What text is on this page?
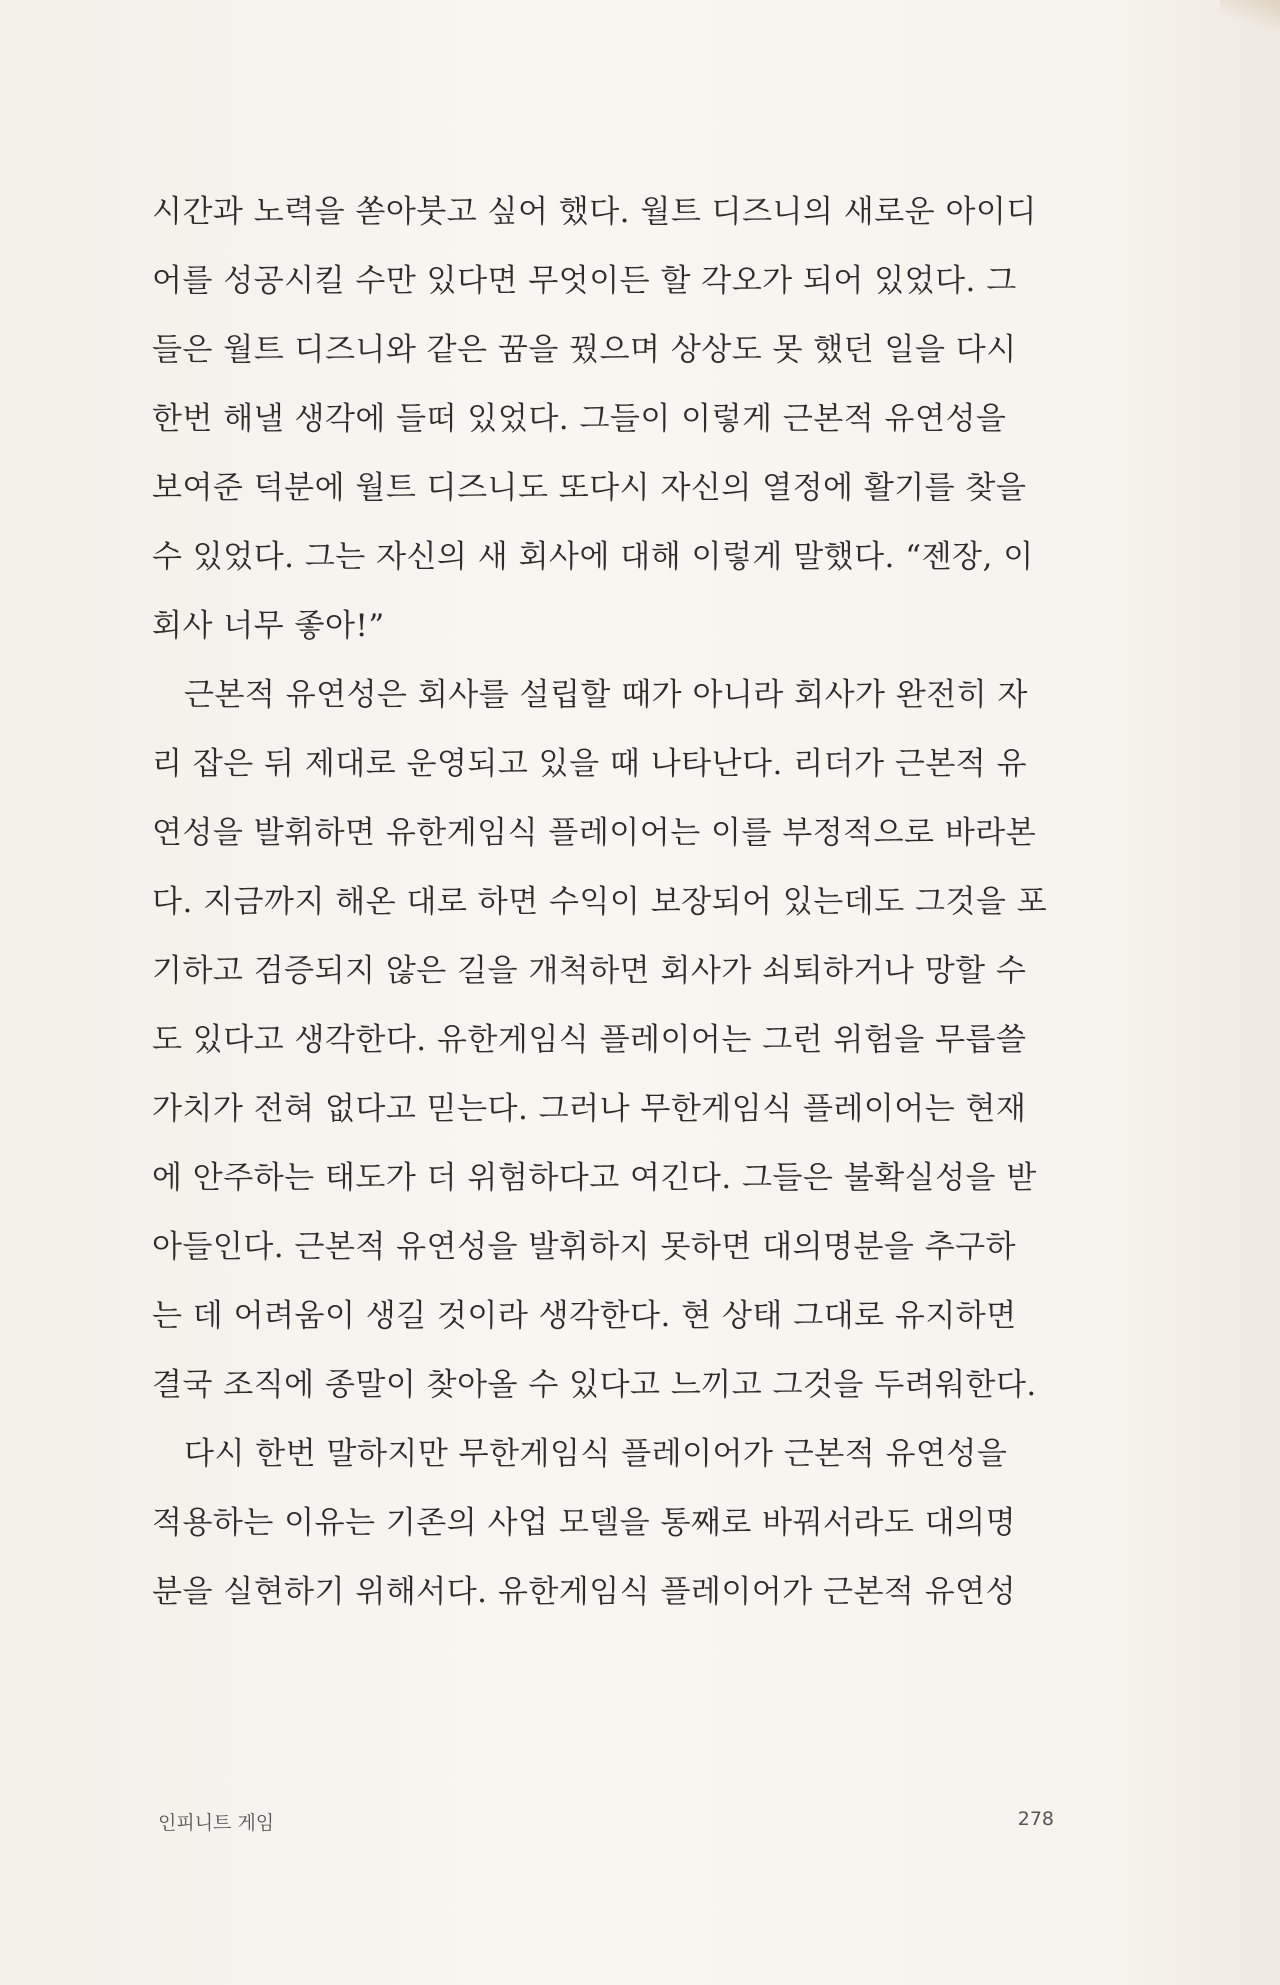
시간과 노력을 쏟아붓고 싶어 했다. 월트 디즈니의 새로운 아이디
어를 성공시킬 수만 있다면 무엇이든 할 각오가 되어 있었다. 그
들은 월트 디즈니와 같은 꿈을 꿨으며 상상도 못 했던 일을 다시
한번 해낼 생각에 들떠 있었다. 그들이 이렇게 근본적 유연성을
보여준 덕분에 월트 디즈니도 또다시 자신의 열정에 활기를 찾을
수 있었다. 그는 자신의 새 회사에 대해 이렇게 말했다. “젠장, 이
회사 너무 좋아!”
근본적 유연성은 회사를 설립할 때가 아니라 회사가 완전히 자
리 잡은 뒤 제대로 운영되고 있을 때 나타난다. 리더가 근본적 유
연성을 발휘하면 유한게임식 플레이어는 이를 부정적으로 바라본
다. 지금까지 해온 대로 하면 수익이 보장되어 있는데도 그것을 포
기하고 검증되지 않은 길을 개척하면 회사가 쇠퇴하거나 망할 수
도 있다고 생각한다. 유한게임식 플레이어는 그런 위험을 무릅쓸
가치가 전혀 없다고 믿는다. 그러나 무한게임식 플레이어는 현재
에 안주하는 태도가 더 위험하다고 여긴다. 그들은 불확실성을 받
아들인다. 근본적 유연성을 발휘하지 못하면 대의명분을 추구하
는 데 어려움이 생길 것이라 생각한다. 현 상태 그대로 유지하면
결국 조직에 종말이 찾아올 수 있다고 느끼고 그것을 두려워한다.
다시 한번 말하지만 무한게임식 플레이어가 근본적 유연성을
적용하는 이유는 기존의 사업 모델을 통째로 바꿔서라도 대의명
분을 실현하기 위해서다. 유한게임식 플레이어가 근본적 유연성
인피니트 게임	278
